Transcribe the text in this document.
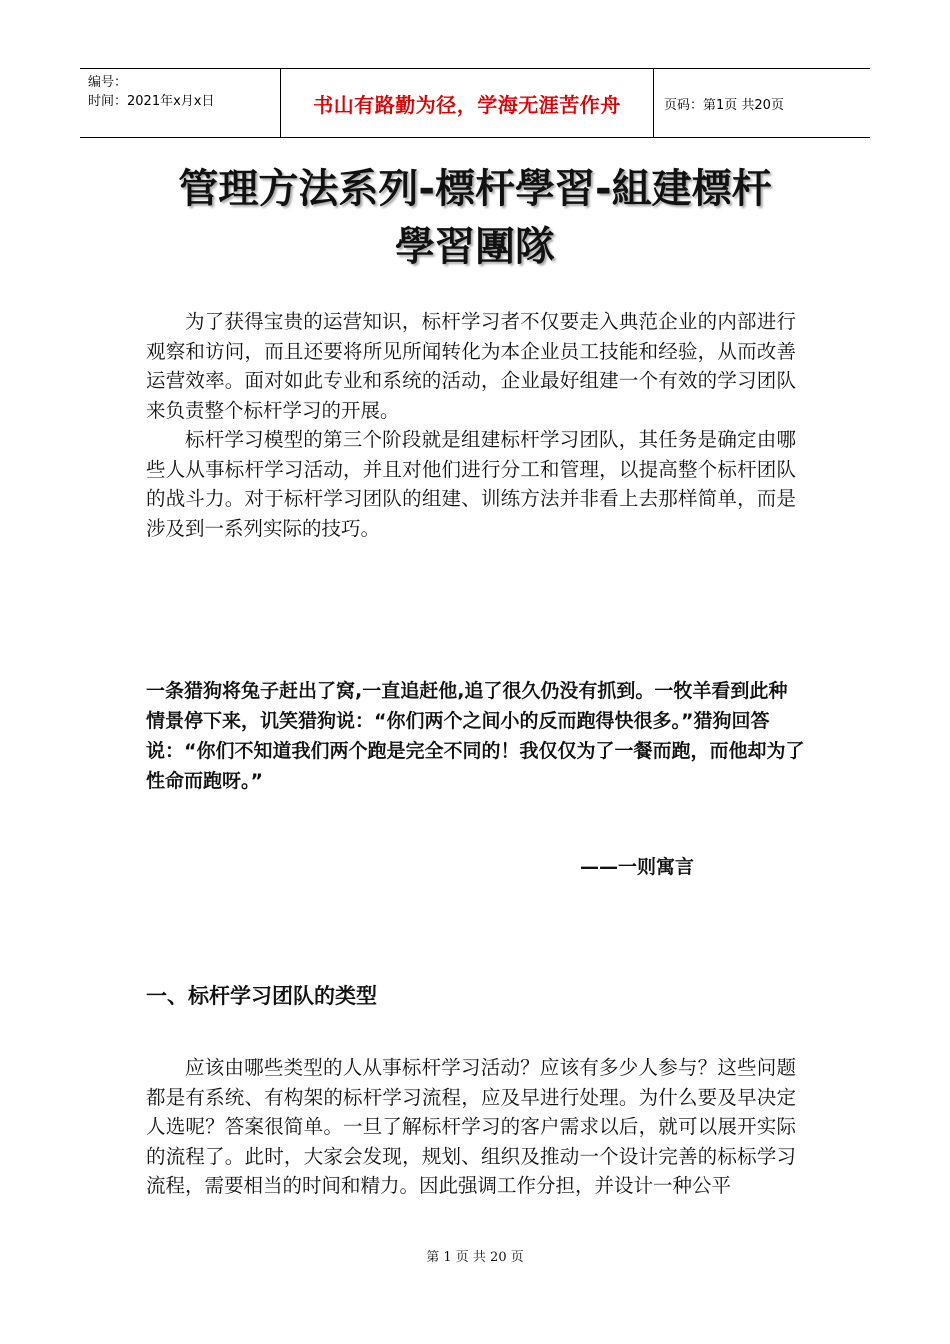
编号：
时间：2021年x月x日	书山有路勤为径，学海无涯苦作舟	页码：第1页 共20页
管理方法系列-標杆學習-組建標杆
學習團隊

为了获得宝贵的运营知识，标杆学习者不仅要走入典范企业的内部进行观察和访问，而且还要将所见所闻转化为本企业员工技能和经验，从而改善运营效率。面对如此专业和系统的活动，企业最好组建一个有效的学习团队来负责整个标杆学习的开展。

标杆学习模型的第三个阶段就是组建标杆学习团队，其任务是确定由哪些人从事标杆学习活动，并且对他们进行分工和管理，以提高整个标杆团队的战斗力。对于标杆学习团队的组建、训练方法并非看上去那样简单，而是涉及到一系列实际的技巧。

一条猎狗将兔子赶出了窝,一直追赶他,追了很久仍没有抓到。一牧羊看到此种情景停下来，讥笑猎狗说：“你们两个之间小的反而跑得快很多。”猎狗回答说：“你们不知道我们两个跑是完全不同的！我仅仅为了一餐而跑，而他却为了性命而跑呀。”
——一则寓言
一、标杆学习团队的类型

应该由哪些类型的人从事标杆学习活动？应该有多少人参与？这些问题都是有系统、有构架的标杆学习流程，应及早进行处理。为什么要及早决定人选呢？答案很简单。一旦了解标杆学习的客户需求以后，就可以展开实际的流程了。此时，大家会发现，规划、组织及推动一个设计完善的标标学习流程，需要相当的时间和精力。因此强调工作分担，并设计一种公平

第 1 页 共 20 页
